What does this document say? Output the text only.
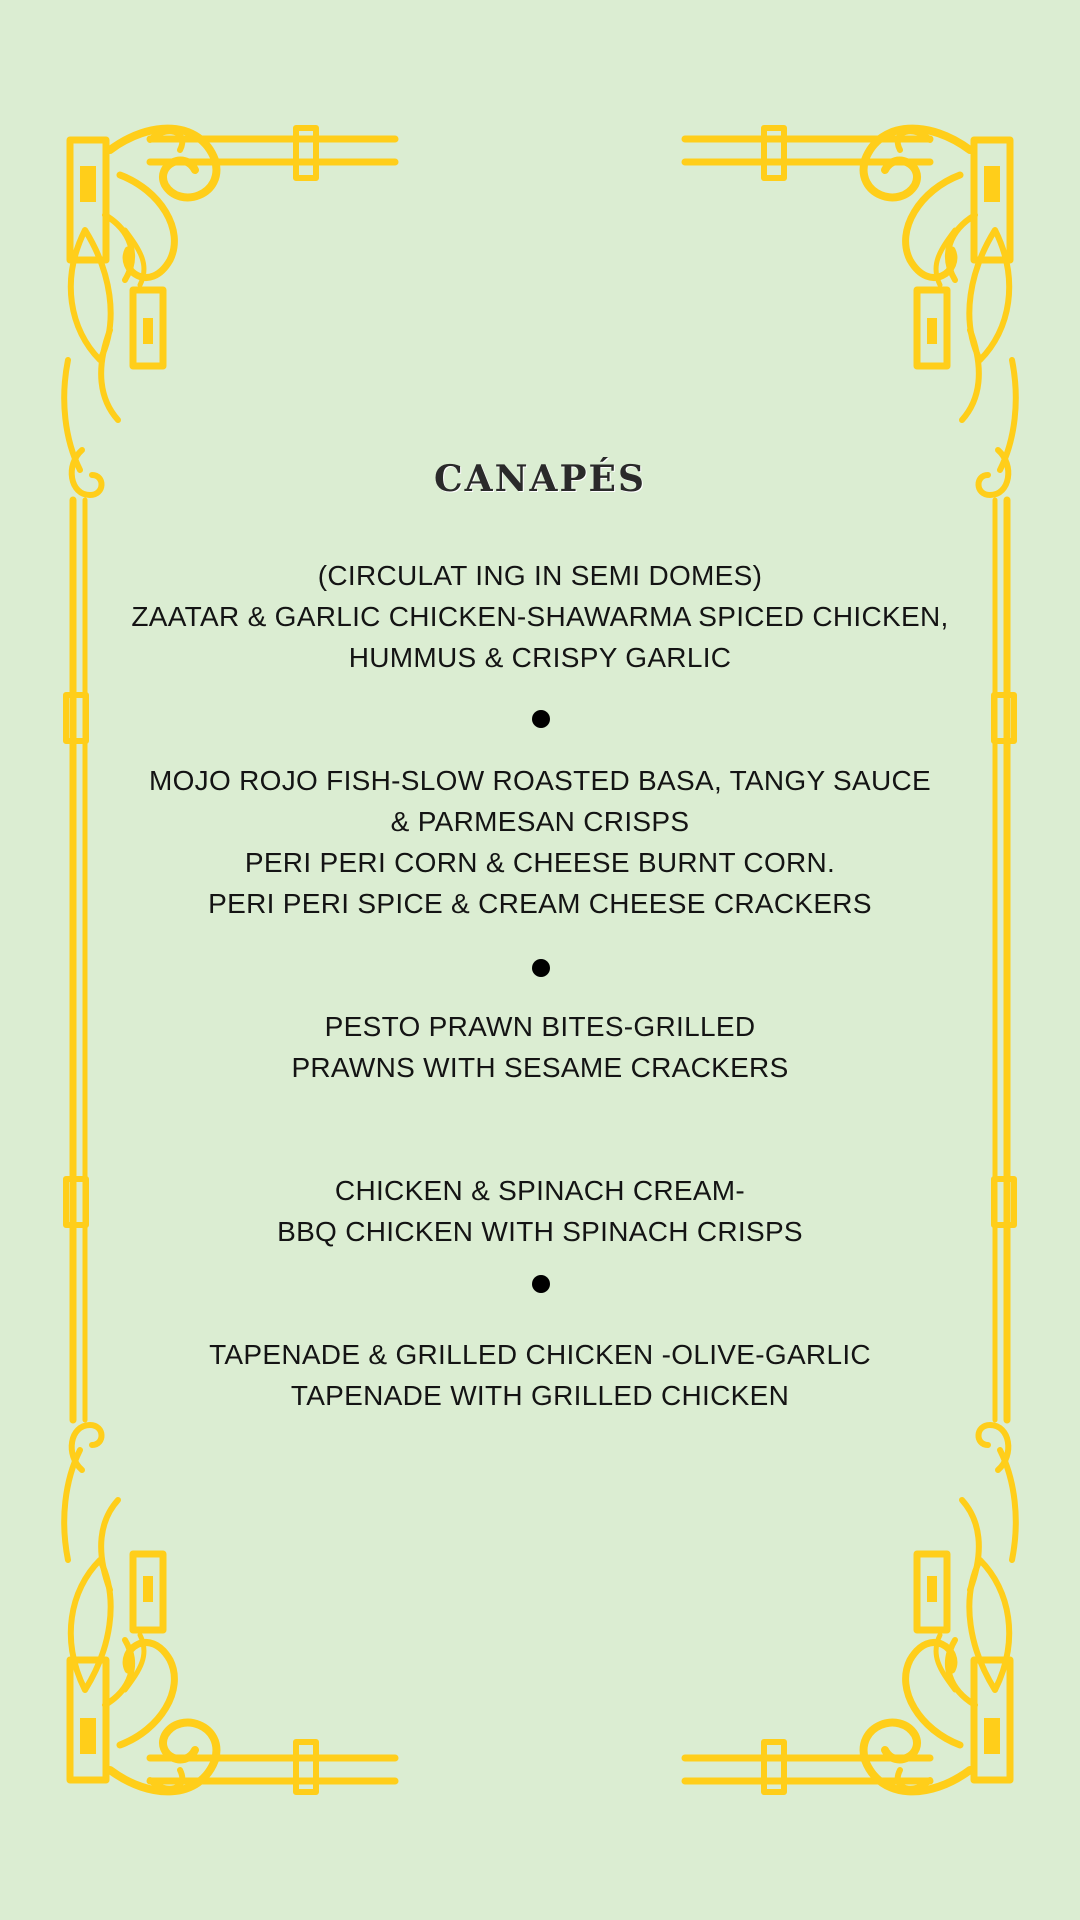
CANAPÉS
(CIRCULAT ING IN SEMI DOMES)
ZAATAR & GARLIC CHICKEN-SHAWARMA SPICED CHICKEN,
HUMMUS & CRISPY GARLIC
MOJO ROJO FISH-SLOW ROASTED BASA, TANGY SAUCE
& PARMESAN CRISPS
PERI PERI CORN & CHEESE BURNT CORN.
PERI PERI SPICE & CREAM CHEESE CRACKERS
PESTO PRAWN BITES-GRILLED
PRAWNS WITH SESAME CRACKERS
CHICKEN & SPINACH CREAM-
BBQ CHICKEN WITH SPINACH CRISPS
TAPENADE & GRILLED CHICKEN -OLIVE-GARLIC
TAPENADE WITH GRILLED CHICKEN
